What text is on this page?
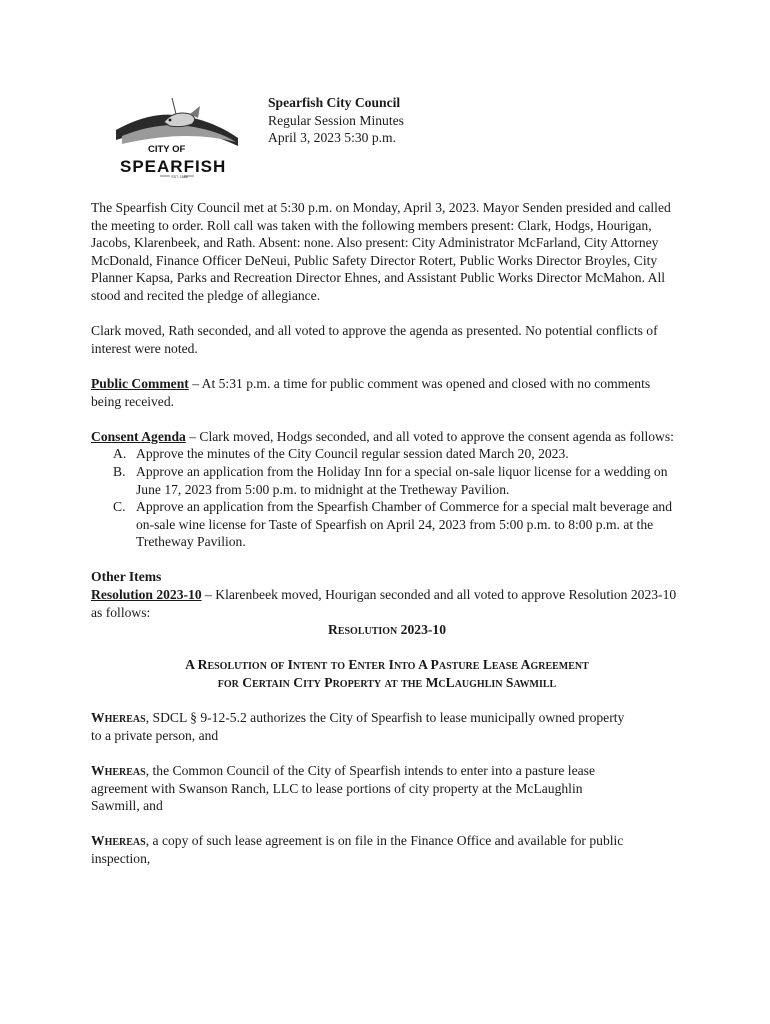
CITY OF
SPEARFISH
EST. 1888
Spearfish City Council
Regular Session Minutes
April 3, 2023 5:30 p.m.

The Spearfish City Council met at 5:30 p.m. on Monday, April 3, 2023. Mayor Senden presided and called the meeting to order. Roll call was taken with the following members present: Clark, Hodgs, Hourigan, Jacobs, Klarenbeek, and Rath. Absent: none. Also present: City Administrator McFarland, City Attorney McDonald, Finance Officer DeNeui, Public Safety Director Rotert, Public Works Director Broyles, City Planner Kapsa, Parks and Recreation Director Ehnes, and Assistant Public Works Director McMahon. All stood and recited the pledge of allegiance.

Clark moved, Rath seconded, and all voted to approve the agenda as presented. No potential conflicts of interest were noted.

Public Comment – At 5:31 p.m. a time for public comment was opened and closed with no comments being received.

Consent Agenda – Clark moved, Hodgs seconded, and all voted to approve the consent agenda as follows:
A. Approve the minutes of the City Council regular session dated March 20, 2023.
B. Approve an application from the Holiday Inn for a special on-sale liquor license for a wedding on June 17, 2023 from 5:00 p.m. to midnight at the Tretheway Pavilion.
C. Approve an application from the Spearfish Chamber of Commerce for a special malt beverage and on-sale wine license for Taste of Spearfish on April 24, 2023 from 5:00 p.m. to 8:00 p.m. at the Tretheway Pavilion.
Other Items
Resolution 2023-10 – Klarenbeek moved, Hourigan seconded and all voted to approve Resolution 2023-10 as follows:
Resolution 2023-10
A Resolution of Intent to Enter Into A Pasture Lease Agreement
for Certain City Property at the McLaughlin Sawmill
Whereas, SDCL § 9-12-5.2 authorizes the City of Spearfish to lease municipally owned property to a private person, and
Whereas, the Common Council of the City of Spearfish intends to enter into a pasture lease agreement with Swanson Ranch, LLC to lease portions of city property at the McLaughlin Sawmill, and
Whereas, a copy of such lease agreement is on file in the Finance Office and available for public inspection,
